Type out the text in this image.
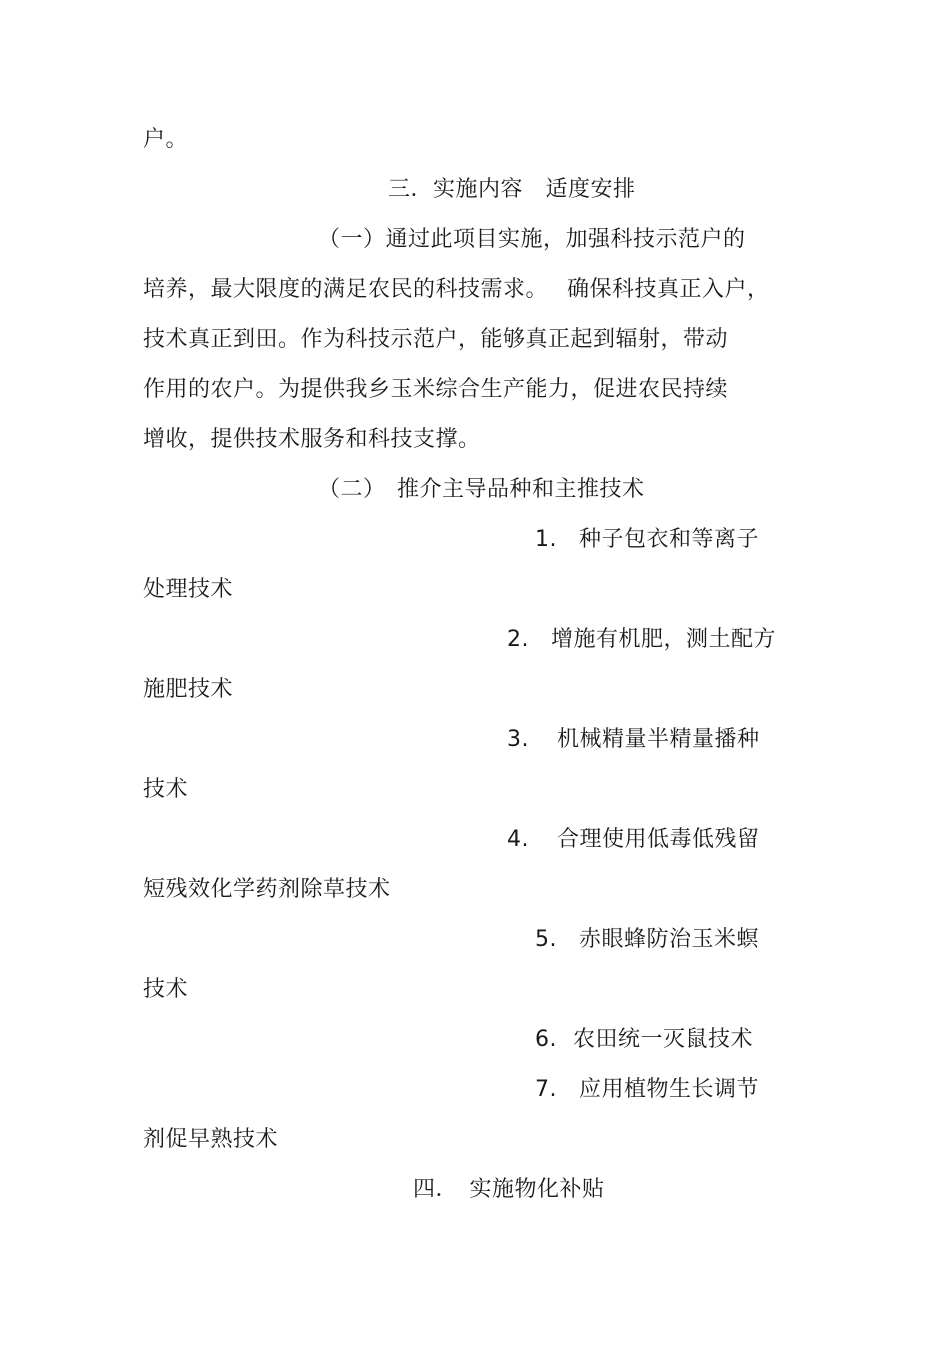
户。
三．实施内容　适度安排
（一）通过此项目实施，加强科技示范户的
培养，最大限度的满足农民的科技需求。　 确保科技真正入户，
技术真正到田。作为科技示范户，能够真正起到辐射，带动
作用的农户。为提供我乡玉米综合生产能力，促进农民持续
增收，提供技术服务和科技支撑。
（二）　推介主导品种和主推技术
1. 种子包衣和等离子
处理技术
2. 增施有机肥，测土配方
施肥技术
3. 机械精量半精量播种
技术
4. 合理使用低毒低残留
短残效化学药剂除草技术
5. 赤眼蜂防治玉米螟
技术
6. 农田统一灭鼠技术
7. 应用植物生长调节
剂促早熟技术
四．　实施物化补贴
